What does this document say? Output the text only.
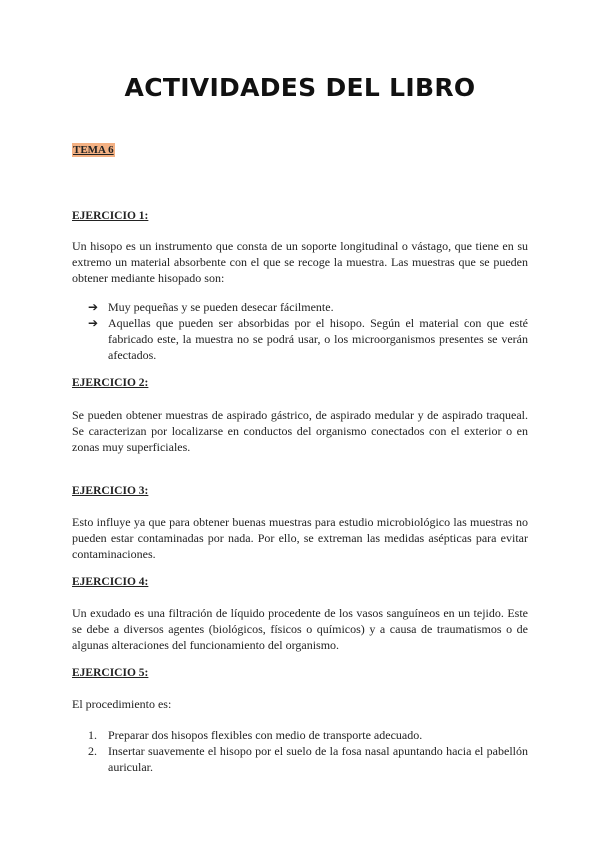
ACTIVIDADES DEL LIBRO
TEMA 6
EJERCICIO 1:
Un hisopo es un instrumento que consta de un soporte longitudinal o vástago, que tiene en su extremo un material absorbente con el que se recoge la muestra. Las muestras que se pueden obtener mediante hisopado son:
➔ Muy pequeñas y se pueden desecar fácilmente.
➔ Aquellas que pueden ser absorbidas por el hisopo. Según el material con que esté fabricado este, la muestra no se podrá usar, o los microorganismos presentes se verán afectados.
EJERCICIO 2:
Se pueden obtener muestras de aspirado gástrico, de aspirado medular y de aspirado traqueal. Se caracterizan por localizarse en conductos del organismo conectados con el exterior o en zonas muy superficiales.
EJERCICIO 3:
Esto influye ya que para obtener buenas muestras para estudio microbiológico las muestras no pueden estar contaminadas por nada. Por ello, se extreman las medidas asépticas para evitar contaminaciones.
EJERCICIO 4:
Un exudado es una filtración de líquido procedente de los vasos sanguíneos en un tejido. Este se debe a diversos agentes (biológicos, físicos o químicos) y a causa de traumatismos o de algunas alteraciones del funcionamiento del organismo.
EJERCICIO 5:
El procedimiento es:
1. Preparar dos hisopos flexibles con medio de transporte adecuado.
2. Insertar suavemente el hisopo por el suelo de la fosa nasal apuntando hacia el pabellón auricular.
